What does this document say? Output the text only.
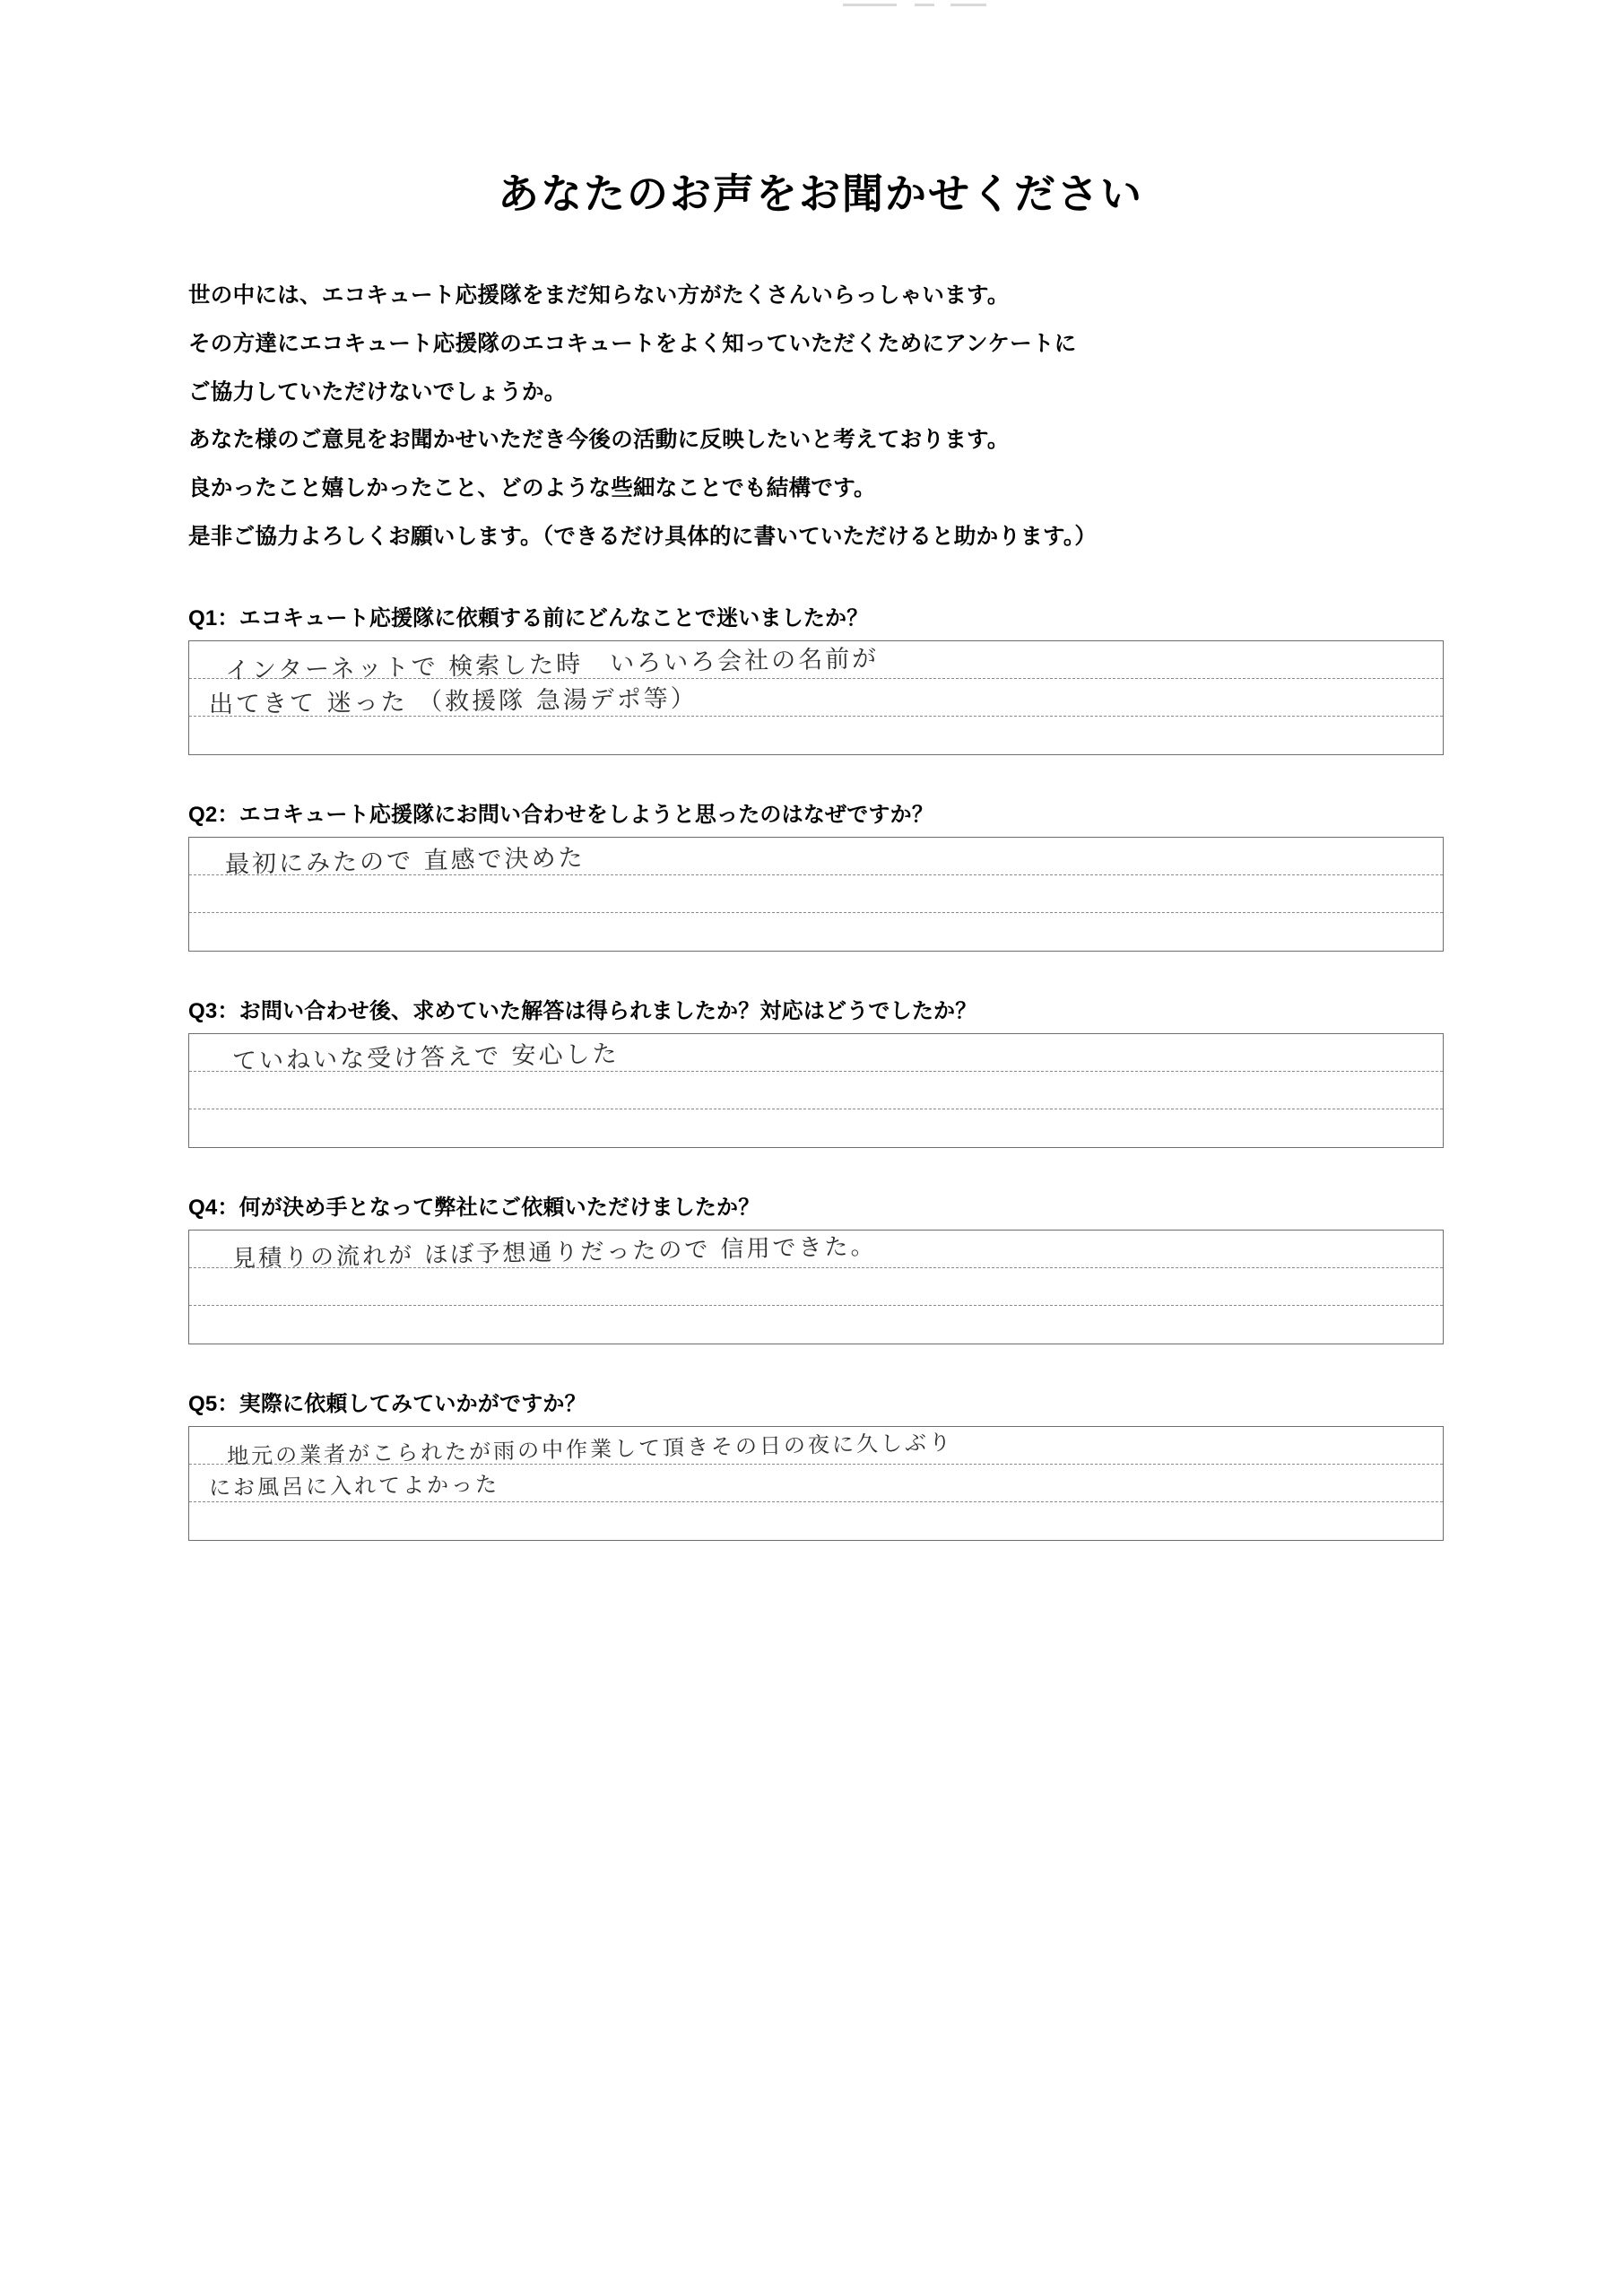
あなたのお声をお聞かせください

世の中には、エコキュート応援隊をまだ知らない方がたくさんいらっしゃいます。

その方達にエコキュート応援隊のエコキュートをよく知っていただくためにアンケートに

ご協力していただけないでしょうか。

あなた様のご意見をお聞かせいただき今後の活動に反映したいと考えております。

良かったこと嬉しかったこと、どのような些細なことでも結構です。

是非ご協力よろしくお願いします。（できるだけ具体的に書いていただけると助かります。）

Q1：エコキュート応援隊に依頼する前にどんなことで迷いましたか？
インターネットで 検索した時　いろいろ会社の名前が
出てきて 迷った （救援隊 急湯デポ等）
Q2：エコキュート応援隊にお問い合わせをしようと思ったのはなぜですか？
最初にみたので 直感で決めた
Q3：お問い合わせ後、求めていた解答は得られましたか？対応はどうでしたか？
ていねいな受け答えで 安心した
Q4：何が決め手となって弊社にご依頼いただけましたか？
見積りの流れが ほぼ予想通りだったので 信用できた。
Q5：実際に依頼してみていかがですか？
地元の業者がこられたが雨の中作業して頂きその日の夜に久しぶり
にお風呂に入れてよかった
